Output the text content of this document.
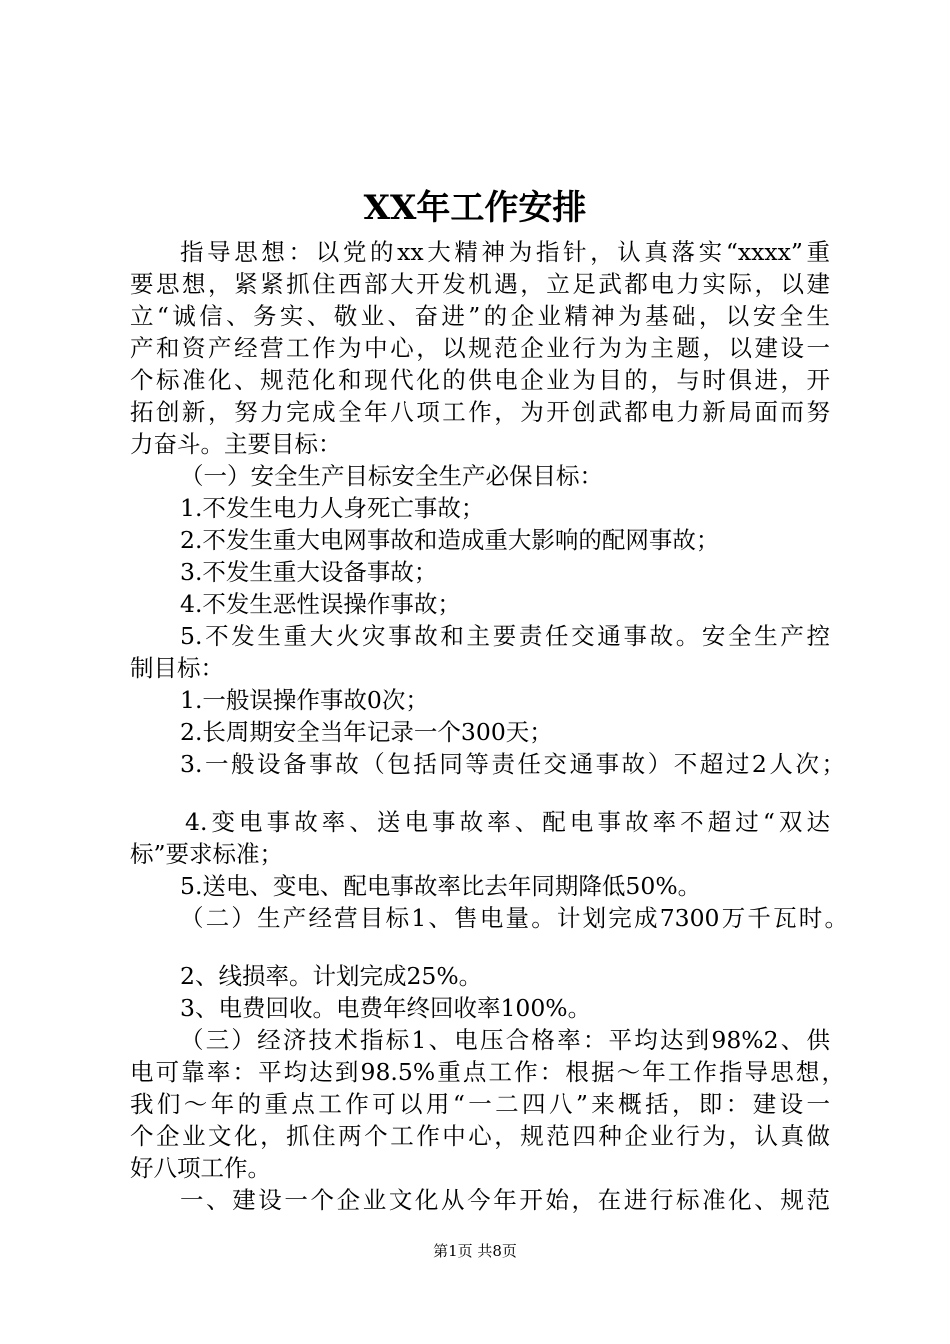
XX年工作安排
指导思想：以党的xx大精神为指针，认真落实“xxxx”重
要思想，紧紧抓住西部大开发机遇，立足武都电力实际，以建
立“诚信、务实、敬业、奋进”的企业精神为基础，以安全生
产和资产经营工作为中心，以规范企业行为为主题，以建设一
个标准化、规范化和现代化的供电企业为目的，与时俱进，开
拓创新，努力完成全年八项工作，为开创武都电力新局面而努
力奋斗。主要目标：
（一）安全生产目标安全生产必保目标：
1.不发生电力人身死亡事故；
2.不发生重大电网事故和造成重大影响的配网事故；
3.不发生重大设备事故；
4.不发生恶性误操作事故；
5.不发生重大火灾事故和主要责任交通事故。安全生产控
制目标：
1.一般误操作事故0次；
2.长周期安全当年记录一个300天；
3.一般设备事故（包括同等责任交通事故）不超过2人次；
4.变电事故率、送电事故率、配电事故率不超过“双达
标”要求标准；
5.送电、变电、配电事故率比去年同期降低50%。
（二）生产经营目标1、售电量。计划完成7300万千瓦时。
2、线损率。计划完成25%。
3、电费回收。电费年终回收率100%。
（三）经济技术指标1、电压合格率：平均达到98%2、供
电可靠率：平均达到98.5%重点工作：根据～年工作指导思想，
我们～年的重点工作可以用“一二四八”来概括，即：建设一
个企业文化，抓住两个工作中心，规范四种企业行为，认真做
好八项工作。
一、建设一个企业文化从今年开始，在进行标准化、规范
第1页 共8页
